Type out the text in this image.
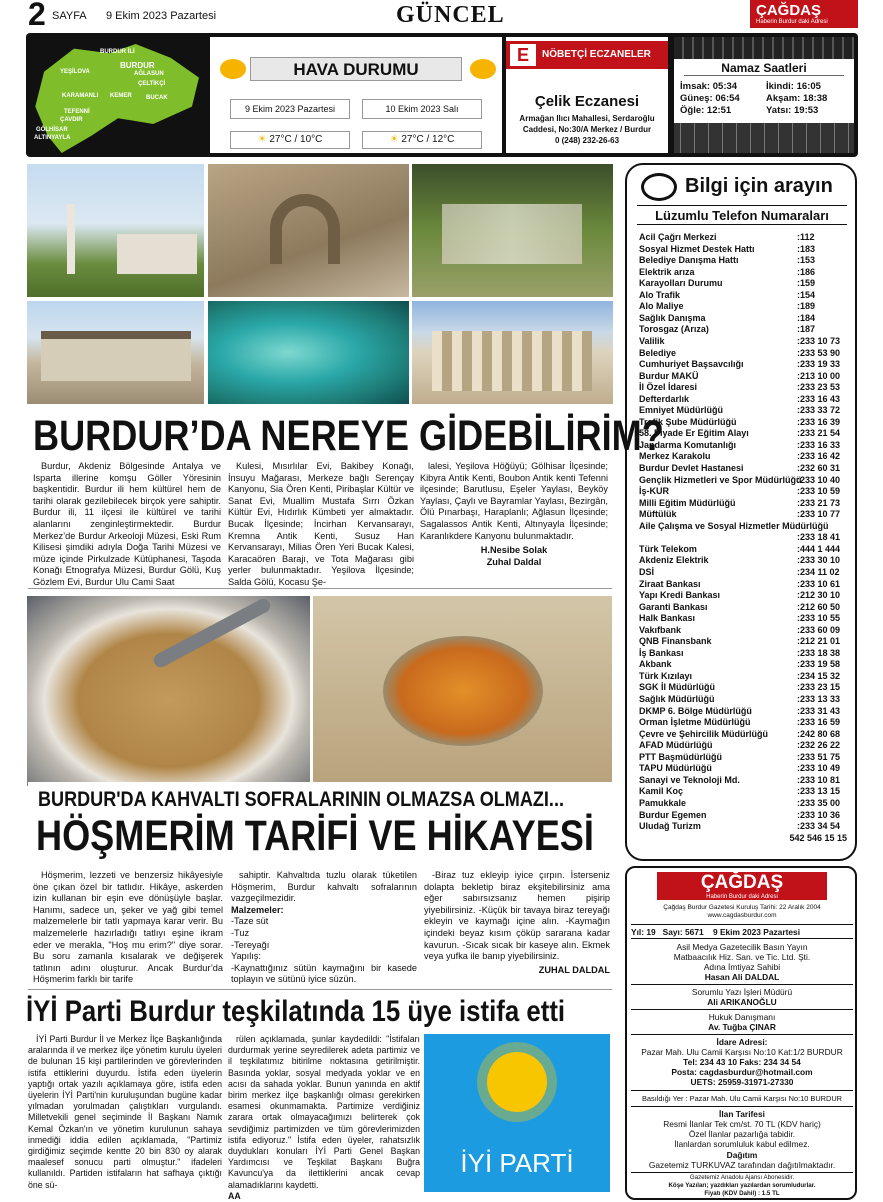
2 SAYFA 9 Ekim 2023 Pazartesi	GÜNCEL	ÇAĞDAŞ
Haberin Burdur daki Adresi
BURDUR İLİ
YEŞİLOVA
BURDUR
AĞLASUN
ÇELTİKÇİ
KARAMANLI KEMER
TEFENNİ
BUCAK
ÇAVDIR
GÖLHİSAR
ALTINYAYLA
HAVA DURUMU
9 Ekim 2023 Pazartesi	10 Ekim 2023 Salı
☀ 27°C / 10°C	☀ 27°C / 12°C
E	NÖBETÇİ ECZANELER
Çelik Eczanesi
Armağan Ilıcı Mahallesi, Serdaroğlu Caddesi, No:30/A Merkez / Burdur
0 (248) 232-26-63
Namaz Saatleri
İmsak: 05:34
Güneş: 06:54
Öğle: 12:51
İkindi: 16:05
Akşam: 18:38
Yatsı: 19:53
BURDUR’DA NEREYE GİDEBİLİRİM?

Burdur, Akdeniz Bölgesinde Antalya ve Isparta illerine komşu Göller Yöresinin başkentidir. Burdur ili hem kültürel hem de tarihi olarak gezilebilecek birçok yere sahiptir. Burdur ili, 11 ilçesi ile kültürel ve tarihi alanlarını zenginleştirmektedir. Burdur Merkez’de Burdur Arkeoloji Müzesi, Eski Rum Kilisesi şimdiki adıyla Doğa Tarihi Müzesi ve müze içinde Pirkulzade Kütüphanesi, Taşoda Konağı Etnografya Müzesi, Burdur Gölü, Kuş Gözlem Evi, Burdur Ulu Cami Saat

Kulesi, Mısırlılar Evi, Bakibey Konağı, İnsuyu Mağarası, Merkeze bağlı Serençay Kanyonu, Sia Ören Kenti, Piribaşlar Kültür ve Sanat Evi, Muallim Mustafa Sırrı Özkan Kültür Evi, Hıdırlık Kümbeti yer almaktadır. Bucak İlçesinde; İncirhan Kervansarayı, Kremna Antik Kenti, Susuz Han Kervansarayı, Milias Ören Yeri Bucak Kalesi, Karacaören Barajı, ve Tota Mağarası gibi yerler bulunmaktadır. Yeşilova İlçesinde; Salda Gölü, Kocasu Şe-

lalesi, Yeşilova Höğüyü; Gölhisar İlçesinde; Kibyra Antik Kenti, Boubon Antik kenti Tefenni ilçesinde; Barutlusu, Eşeler Yaylası, Beyköy Yaylası, Çaylı ve Bayramlar Yaylası, Bezirgân, Ölü Pınarbaşı, Haraplanlı; Ağlasun İlçesinde; Sagalassos Antik Kenti, Altınyayla İlçesinde; Karanlıkdere Kanyonu bulunmaktadır.

H.Nesibe Solak
Zuhal Daldal
BURDUR'DA KAHVALTI SOFRALARININ OLMAZSA OLMAZI...
HÖŞMERİM TARİFİ VE HİKAYESİ

Höşmerim, lezzeti ve benzersiz hikâyesiyle öne çıkan özel bir tatlıdır. Hikâye, askerden izin kullanan bir eşin eve dönüşüyle başlar. Hanımı, sadece un, şeker ve yağ gibi temel malzemelerle bir tatlı yapmaya karar verir. Bu malzemelerle hazırladığı tatlıyı eşine ikram eder ve merakla, "Hoş mu erim?" diye sorar. Bu soru zamanla kısalarak ve değişerek tatlının adını oluşturur. Ancak Burdur’da Höşmerim farklı bir tarife

sahiptir. Kahvaltıda tuzlu olarak tüketilen Höşmerim, Burdur kahvaltı sofralarının vazgeçilmezidir.

Malzemeler:
-Taze süt
-Tuz
-Tereyağı
Yapılış:
-Kaynattığınız sütün kaymağını bir kasede toplayın ve sütünü iyice süzün.

-Biraz tuz ekleyip iyice çırpın. İsterseniz dolapta bekletip biraz ekşitebilirsiniz ama eğer sabırsızsanız hemen pişirip yiyebilirsiniz. -Küçük bir tavaya biraz tereyağı ekleyin ve kaymağı içine alın. -Kaymağın içindeki beyaz kısım çöküp sararana kadar kavurun. -Sıcak sıcak bir kaseye alın. Ekmek veya yufka ile banıp yiyebilirsiniz.

ZUHAL DALDAL
İYİ Parti Burdur teşkilatında 15 üye istifa etti

İYİ Parti Burdur İl ve Merkez İlçe Başkanlığında aralarında il ve merkez ilçe yönetim kurulu üyeleri de bulunan 15 kişi partilerinden ve görevlerinden istifa ettiklerini duyurdu. İstifa eden üyelerin yaptığı ortak yazılı açıklamaya göre, istifa eden üyelerin İYİ Parti'nin kuruluşundan bugüne kadar yılmadan yorulmadan çalıştıkları vurgulandı. Milletvekili genel seçiminde İl Başkanı Namık Kemal Özkan'ın ve yönetim kurulunun sahaya inmediği iddia edilen açıklamada, "Partimiz girdiğimiz seçimde kentte 20 bin 830 oy alarak maalesef sonucu parti olmuştur." ifadeleri kullanıldı. Partiden istifaların hat safhaya çıktığı öne sü-

rülen açıklamada, şunlar kaydedildi: "İstifaları durdurmak yerine seyredilerek adeta partimiz ve il teşkilatımız bitirilme noktasına getirilmiştir. Basında yoklar, sosyal medyada yoklar ve en acısı da sahada yoklar. Bunun yanında en aktif birim merkez ilçe başkanlığı olması gerekirken esamesi okunmamakta. Partimize verdiğiniz zarara ortak olmayacağımızı belirterek çok sevdiğimiz partimizden ve tüm görevlerimizden istifa ediyoruz." İstifa eden üyeler, rahatsızlık duydukları konuları İYİ Parti Genel Başkan Yardımcısı ve Teşkilat Başkanı Buğra Kavuncu'ya da ilettiklerini ancak cevap alamadıklarını kaydetti.

AA
İYİ PARTİ
Bilgi için arayın
Lüzumlu Telefon Numaraları
Acil Çağrı Merkezi	:112
Sosyal Hizmet Destek Hattı	:183
Belediye Danışma Hattı	:153
Elektrik arıza	:186
Karayolları Durumu	:159
Alo Trafik	:154
Alo Maliye	:189
Sağlık Danışma	:184
Torosgaz (Arıza)	:187
Valilik	:233 10 73
Belediye	:233 53 90
Cumhuriyet Başsavcılığı	:233 19 33
Burdur MAKÜ	:213 10 00
İl Özel İdaresi	:233 23 53
Defterdarlık	:233 16 43
Emniyet Müdürlüğü	:233 33 72
Trafik Şube Müdürlüğü	:233 16 39
58. Piyade Er Eğitim Alayı	:233 21 54
Jandarma Komutanlığı	:233 16 33
Merkez Karakolu	:233 16 42
Burdur Devlet Hastanesi	:232 60 31
Gençlik Hizmetleri ve Spor Müdürlüğü
:233 10 40
İş-KUR	:233 10 59
Milli Eğitim Müdürlüğü	:233 21 73
Müftülük	:233 10 77
Aile Çalışma ve Sosyal Hizmetler Müdürlüğü
:233 18 41
Türk Telekom	:444 1 444
Akdeniz Elektrik	:233 30 10
DSİ	:234 11 02
Ziraat Bankası	:233 10 61
Yapı Kredi Bankası	:212 30 10
Garanti Bankası	:212 60 50
Halk Bankası	:233 10 55
Vakıfbank	:233 60 09
QNB Finansbank	:212 21 01
İş Bankası	:233 18 38
Akbank	:233 19 58
Türk Kızılayı	:234 15 32
SGK İl Müdürlüğü	:233 23 15
Sağlık Müdürlüğü	:233 13 33
DKMP 6. Bölge Müdürlüğü	:233 31 43
Orman İşletme Müdürlüğü	:233 16 59
Çevre ve Şehircilik Müdürlüğü	:242 80 68
AFAD Müdürlüğü	:232 26 22
PTT Başmüdürlüğü	:233 51 75
TAPU Müdürlüğü	:233 10 49
Sanayi ve Teknoloji Md.	:233 10 81
Kamil Koç	:233 13 15
Pamukkale	:233 35 00
Burdur Egemen	:233 10 36
Uludağ Turizm	:233 34 54
542 546 15 15
ÇAĞDAŞ
Haberin Burdur daki Adresi
Çağdaş Burdur Gazetesi Kuruluş Tarihi: 22 Aralık 2004
www.cagdasburdur.com
Yıl: 19 Sayı: 5671 9 Ekim 2023 Pazartesi
Asil Medya Gazetecilik Basın Yayın
Matbaacılık Hiz. San. ve Tic. Ltd. Şti.
Adına İmtiyaz Sahibi
Hasan Ali DALDAL
Sorumlu Yazı İşleri Müdürü
Ali ARIKANOĞLU
Hukuk Danışmanı
Av. Tuğba ÇINAR
İdare Adresi:
Pazar Mah. Ulu Camii Karşısı No:10 Kat:1/2 BURDUR
Tel: 234 43 10 Faks: 234 34 54
Posta: cagdasburdur@hotmail.com
UETS: 25959-31971-27330
Basıldığı Yer : Pazar Mah. Ulu Camii Karşısı No:10 BURDUR
İlan Tarifesi
Resmi İlanlar Tek cm/st. 70 TL (KDV hariç)
Özel İlanlar pazarlığa tabidir.
İlanlardan sorumluluk kabul edilmez.
Dağıtım
Gazetemiz TURKUVAZ tarafından dağıtılmaktadır.
Gazetemiz Anadolu Ajansı Abonesidir.
Köşe Yazıları; yazdıkları yazılardan sorumludurlar.
Fiyatı (KDV Dahil) : 1.5 TL
